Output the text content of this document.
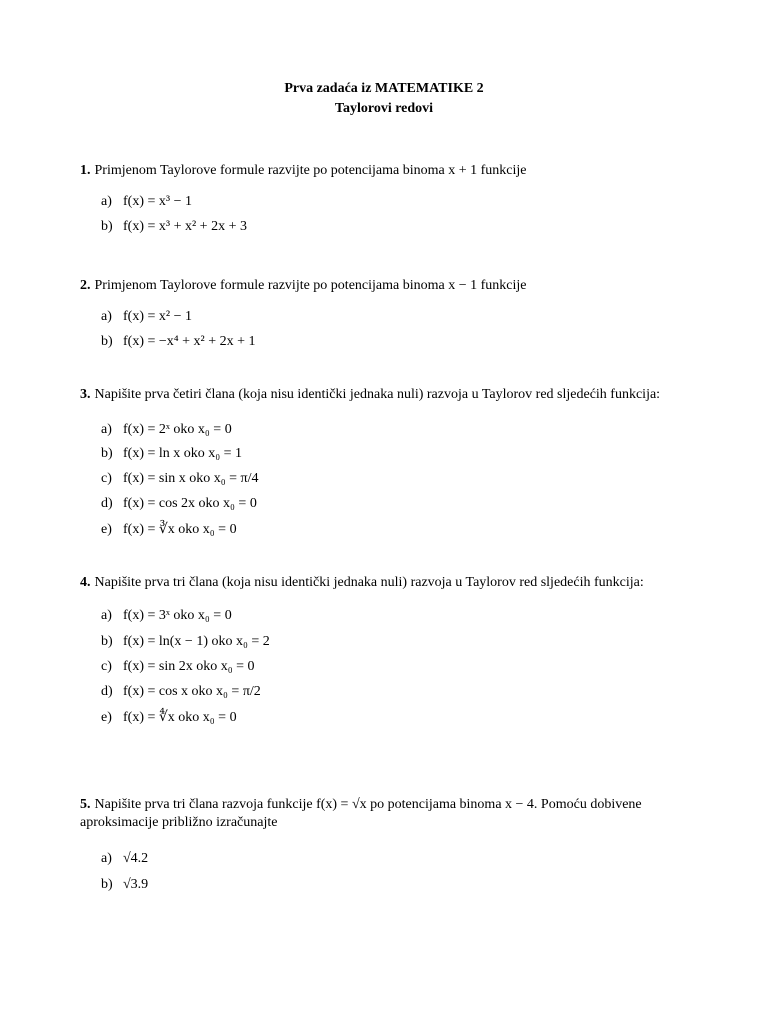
Prva zadaća iz MATEMATIKE 2
Taylorovi redovi
1. Primjenom Taylorove formule razvijte po potencijama binoma x + 1 funkcije
a) f(x) = x³ − 1
b) f(x) = x³ + x² + 2x + 3
2. Primjenom Taylorove formule razvijte po potencijama binoma x − 1 funkcije
a) f(x) = x² − 1
b) f(x) = −x⁴ + x² + 2x + 1
3. Napišite prva četiri člana (koja nisu identički jednaka nuli) razvoja u Taylorov red sljedećih funkcija:
a) f(x) = 2ˣ oko x₀ = 0
b) f(x) = ln x oko x₀ = 1
c) f(x) = sin x oko x₀ = π/4
d) f(x) = cos 2x oko x₀ = 0
e) f(x) = ∛x oko x₀ = 0
4. Napišite prva tri člana (koja nisu identički jednaka nuli) razvoja u Taylorov red sljedećih funkcija:
a) f(x) = 3ˣ oko x₀ = 0
b) f(x) = ln(x − 1) oko x₀ = 2
c) f(x) = sin 2x oko x₀ = 0
d) f(x) = cos x oko x₀ = π/2
e) f(x) = ∜x oko x₀ = 0
5. Napišite prva tri člana razvoja funkcije f(x) = √x po potencijama binoma x − 4. Pomoću dobivene aproksimacije približno izračunajte
a) √4.2
b) √3.9
